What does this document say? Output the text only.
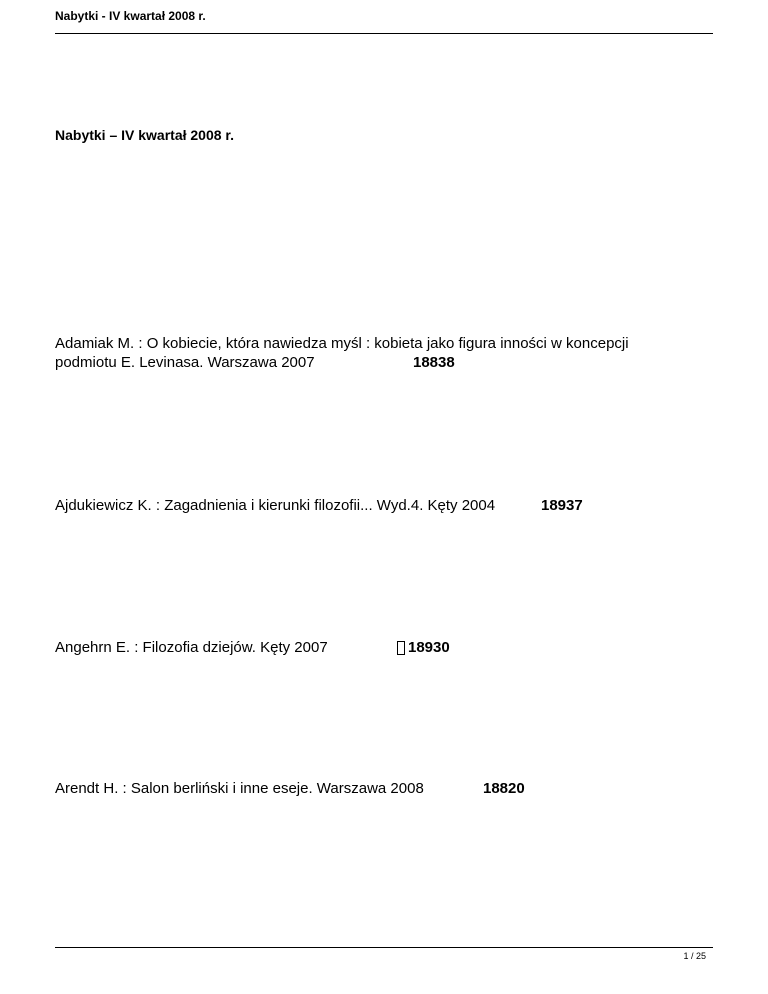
Nabytki - IV kwartał 2008 r.
Nabytki – IV kwartał 2008 r.
Adamiak M. : O kobiecie, która nawiedza myśl : kobieta jako figura inności w koncepcji
podmiotu E. Levinasa. Warszawa 2007	18838
Ajdukiewicz K. : Zagadnienia i kierunki filozofii... Wyd.4. Kęty 2004	18937
Angehrn E. : Filozofia dziejów. Kęty 2007	18930
Arendt H. : Salon berliński i inne eseje. Warszawa 2008	18820
1 / 25
